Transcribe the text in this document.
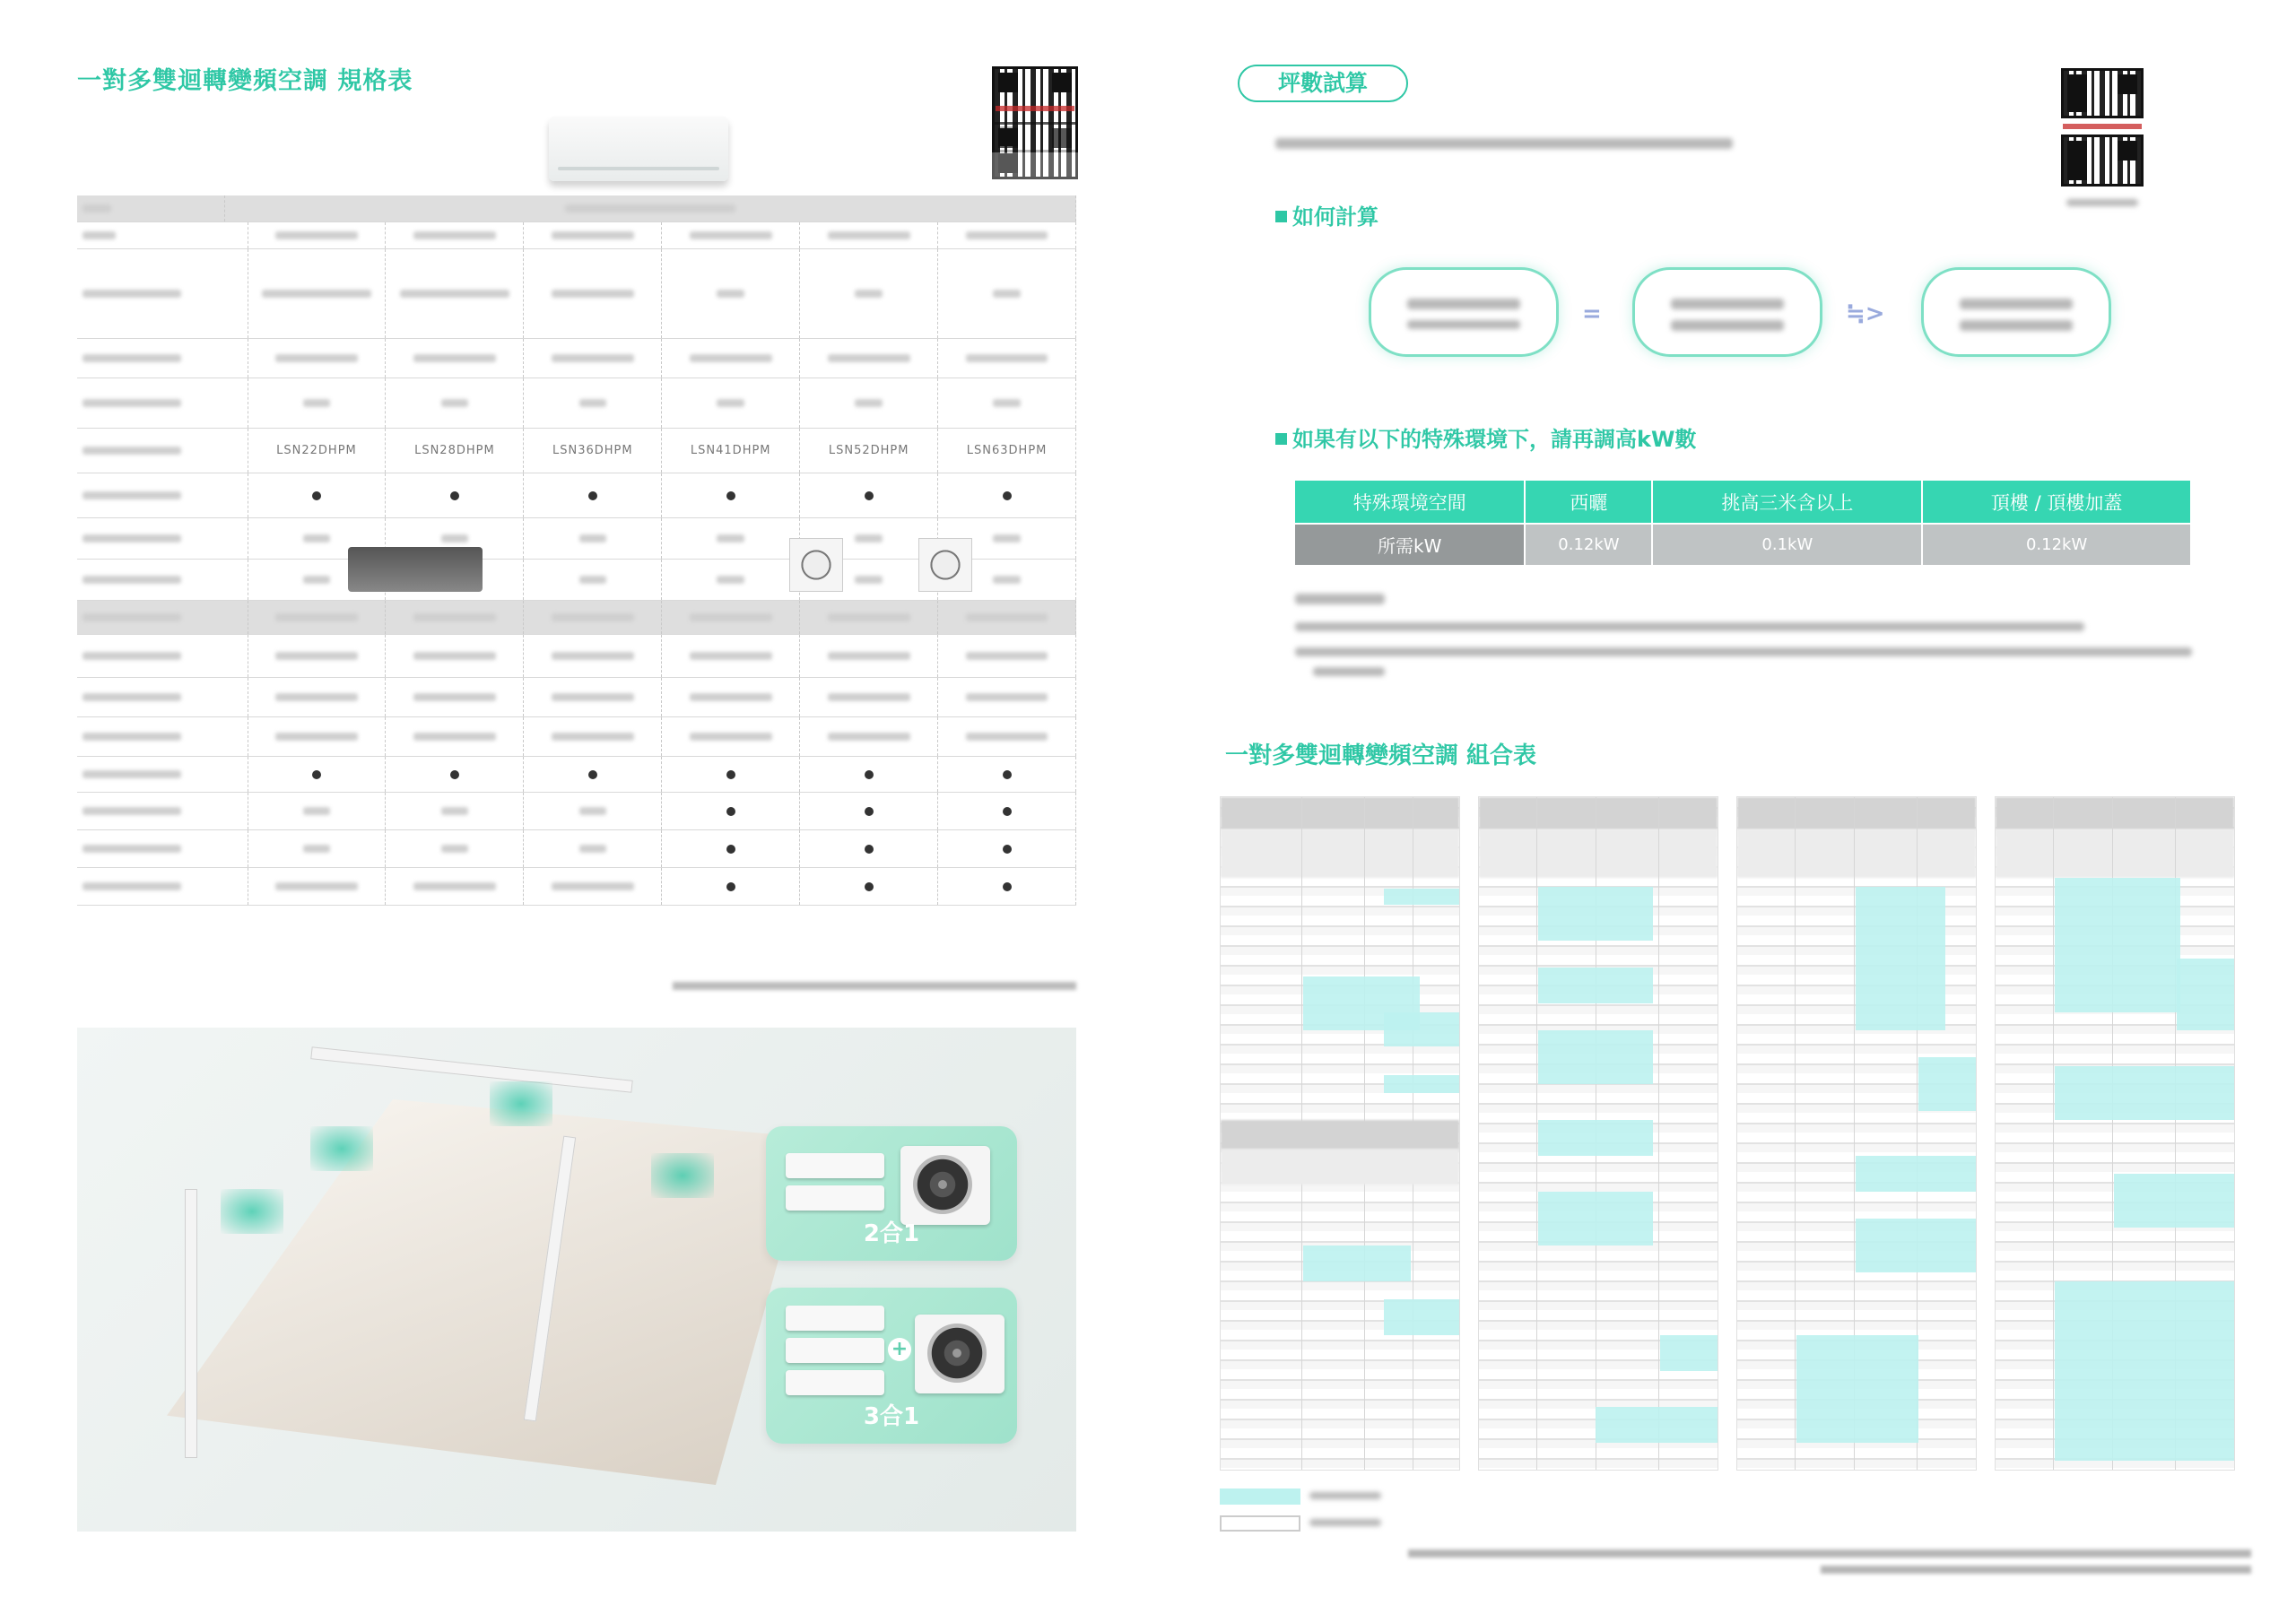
一對多雙迴轉變頻空調 規格表
LSN22DHPM	LSN28DHPM	LSN36DHPM	LSN41DHPM	LSN52DHPM	LSN63DHPM
2合1
+
3合1
坪數試算
如何計算
=	≒>
如果有以下的特殊環境下，請再調高kW數
特殊環境空間	西曬	挑高三米含以上	頂樓 / 頂樓加蓋
所需kW	0.12kW	0.1kW	0.12kW
一對多雙迴轉變頻空調 組合表
